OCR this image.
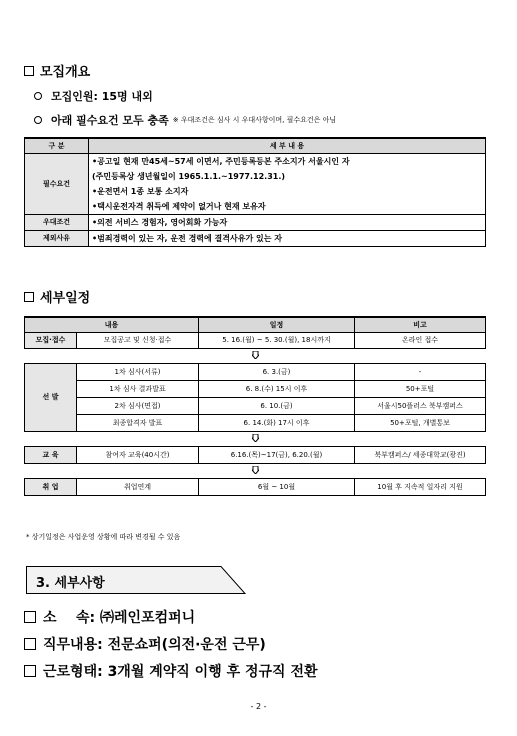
모집개요
모집인원: 15명 내외
아래 필수요건 모두 충족 ※ 우대조건은 심사 시 우대사항이며, 필수요건은 아님
구 분	세 부 내 용
필수요건	•공고일 현재 만45세~57세 이면서, 주민등록등본 주소지가 서울시인 자
(주민등록상 생년월일이 1965.1.1.~1977.12.31.)
•운전면서 1종 보통 소지자
•택시운전자격 취득에 제약이 없거나 현재 보유자

우대조건	•의전 서비스 경험자, 영어회화 가능자

제외사유	•범죄경력이 있는 자, 운전 경력에 결격사유가 있는 자
세부일정
내용		일정	비고
모집·접수	모집공고 및 신청·접수	5. 16.(월) ~ 5. 30.(월), 18시까지	온라인 접수

선 발	1차 심사(서류)	6. 3.(금)	-
	1차 심사 결과발표	6. 8.(수) 15시 이후	50+포털
	2차 심사(면접)	6. 10.(금)	서울시50플러스 북부캠퍼스
	최종합격자 발표	6. 14.(화) 17시 이후	50+포털, 개별통보

교 육	참여자 교육(40시간)	6.16.(목)~17(금), 6.20.(월)	북부캠퍼스/ 세종대학교(광진)

취 업	취업연계	6월 ~ 10월	10월 후 지속적 일자리 지원
* 상기일정은 사업운영 상황에 따라 변경될 수 있음
3. 세부사항
소    속: ㈜레인포컴퍼니
직무내용: 전문쇼퍼(의전·운전 근무)
근로형태: 3개월 계약직 이행 후 정규직 전환
- 2 -
